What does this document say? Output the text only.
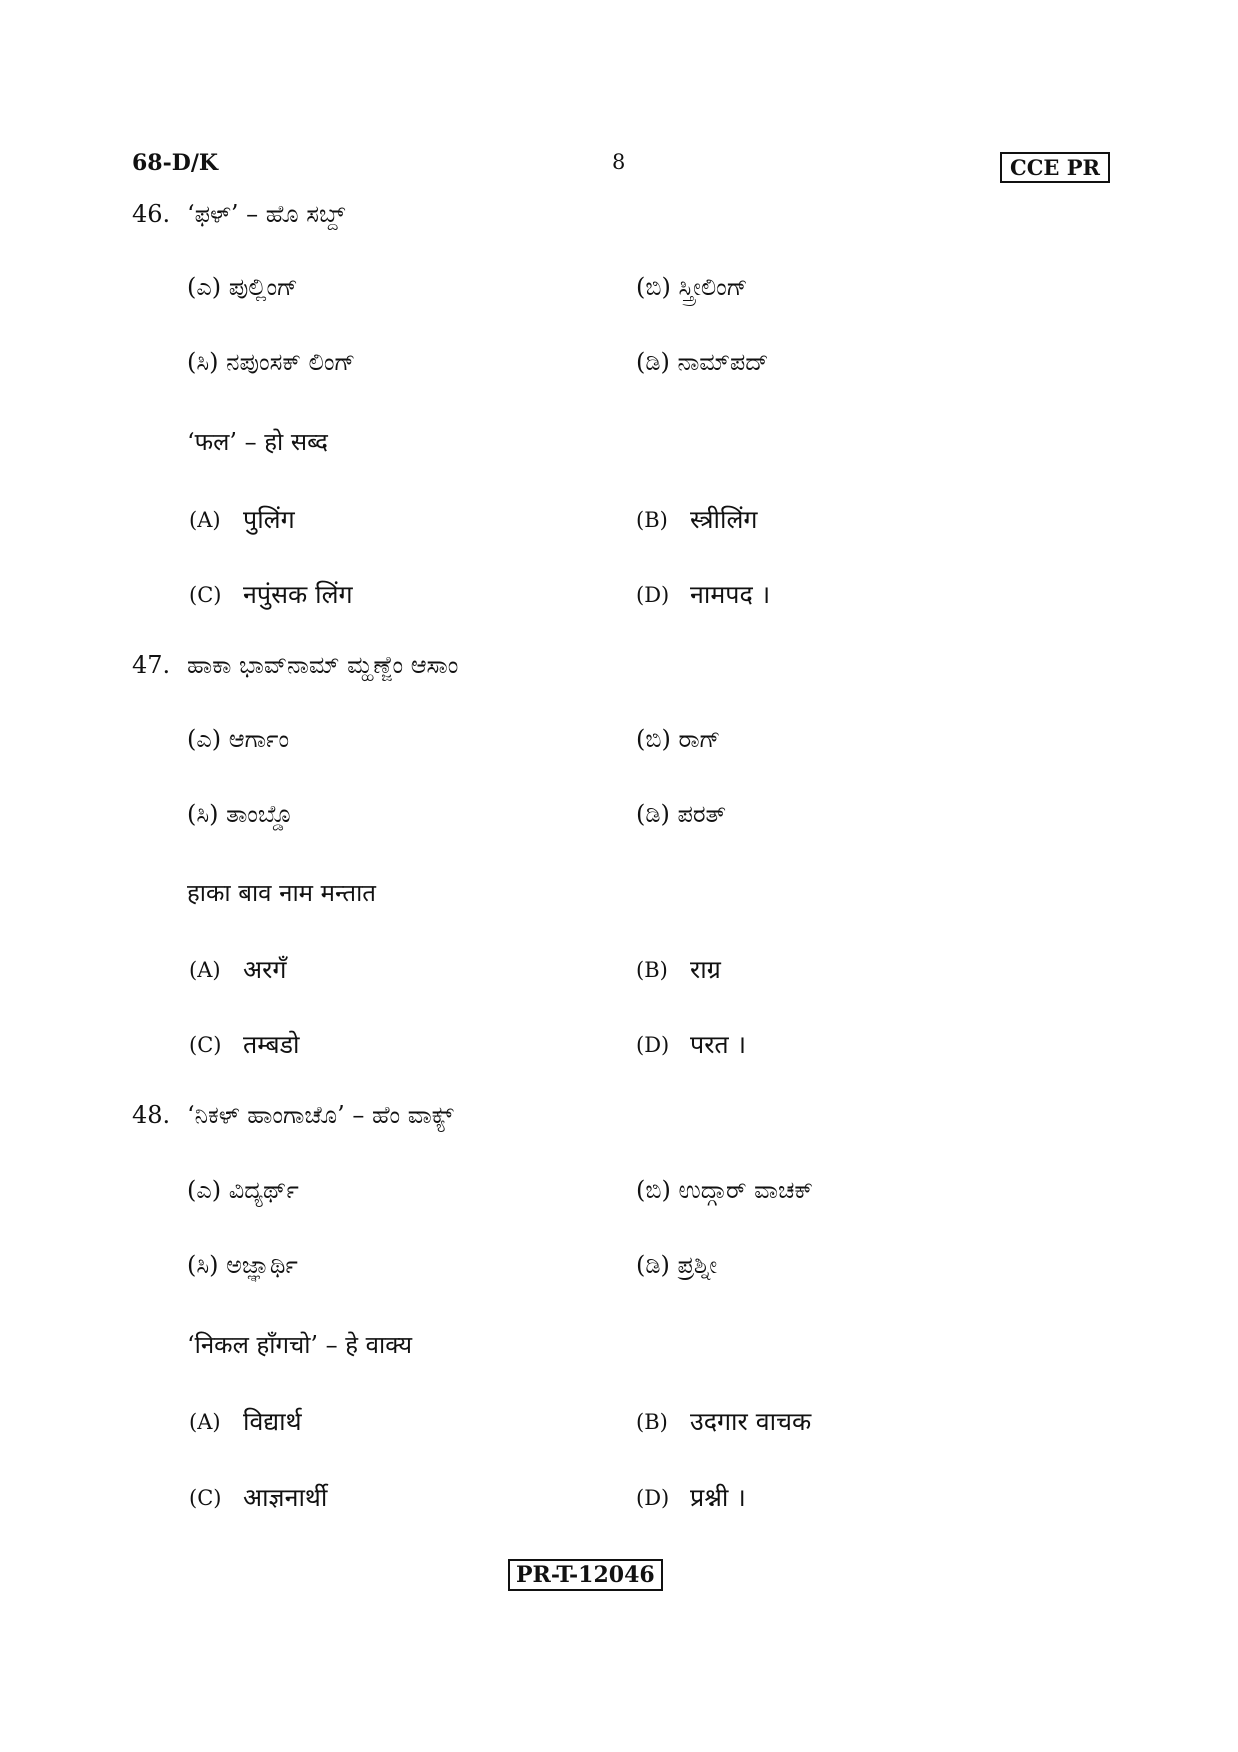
68-D/K	8	CCE PR
46. ‘ಫಳ್’ – ಹೊ ಸಬ್ದ್
(ಎ) ಪುಲ್ಲಿಂಗ್	(ಬಿ) ಸ್ತ್ರೀಲಿಂಗ್
(ಸಿ) ನಪುಂಸಕ್ ಲಿಂಗ್	(ಡಿ) ನಾಮ್‌ಪದ್
‘फल’ – हो सब्द
(A) पुलिंग	(B) स्त्रीलिंग
(C) नपुंसक लिंग	(D) नामपद ।
47. ಹಾಕಾ ಭಾವ್‌ನಾಮ್ ಮ್ಹಣ್ಜೆಂ ಆಸಾಂ
(ಎ) ಆರ್ಗಾಂ	(ಬಿ) ರಾಗ್
(ಸಿ) ತಾಂಬ್ಡೊ	(ಡಿ) ಪರತ್
हाका बाव नाम मन्तात
(A) अरगँ	(B) राग्र
(C) तम्बडो	(D) परत ।
48. ‘ನಿಕಳ್ ಹಾಂಗಾಚೊ’ – ಹೆಂ ವಾಕ್ಯ್
(ಎ) ವಿದ್ಯರ್ಥ್	(ಬಿ) ಉದ್ಗಾರ್ ವಾಚಕ್
(ಸಿ) ಅಜ್ಞಾರ್ಥಿ	(ಡಿ) ಪ್ರಶ್ನೀ
‘निकल हाँगचो’ – हे वाक्य
(A) विद्यार्थ	(B) उदगार वाचक
(C) आज्ञनार्थी	(D) प्रश्नी ।
PR-T-12046
